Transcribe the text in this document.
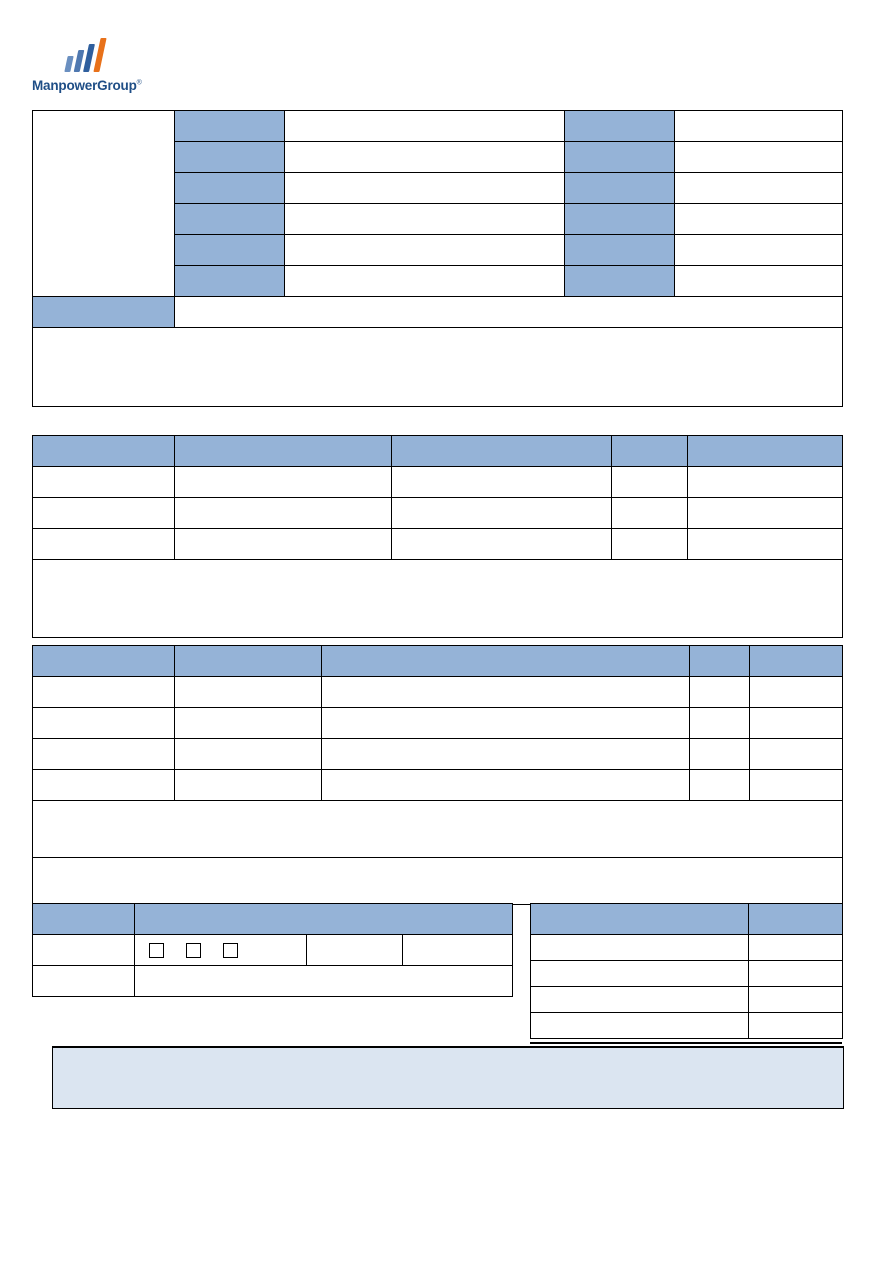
ManpowerGroup®
